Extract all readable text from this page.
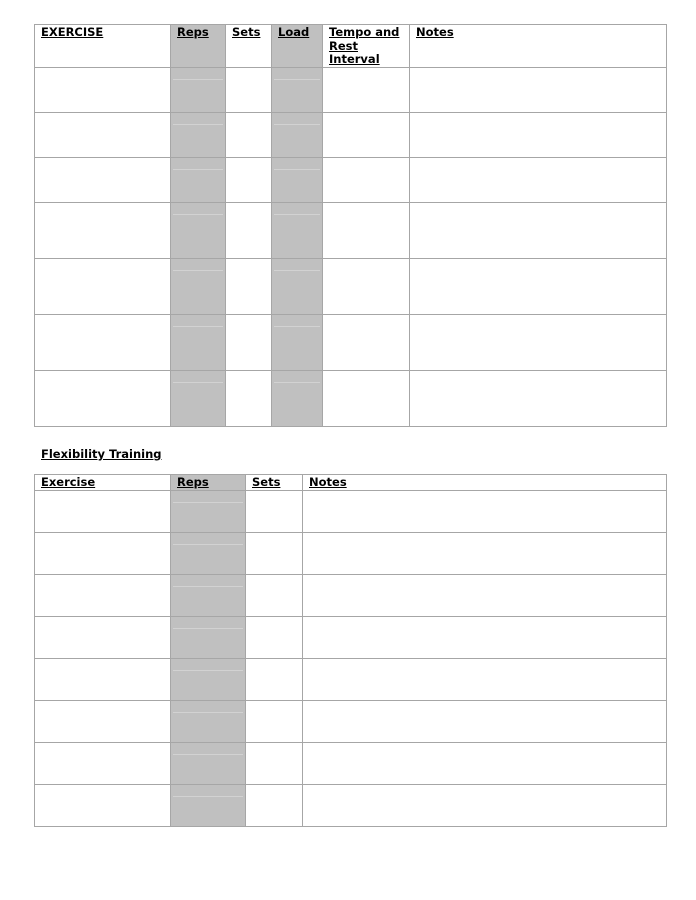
EXERCISE	Reps	Sets	Load	Tempo and Rest Interval	Notes

Flexibility Training
Exercise	Reps	Sets	Notes
